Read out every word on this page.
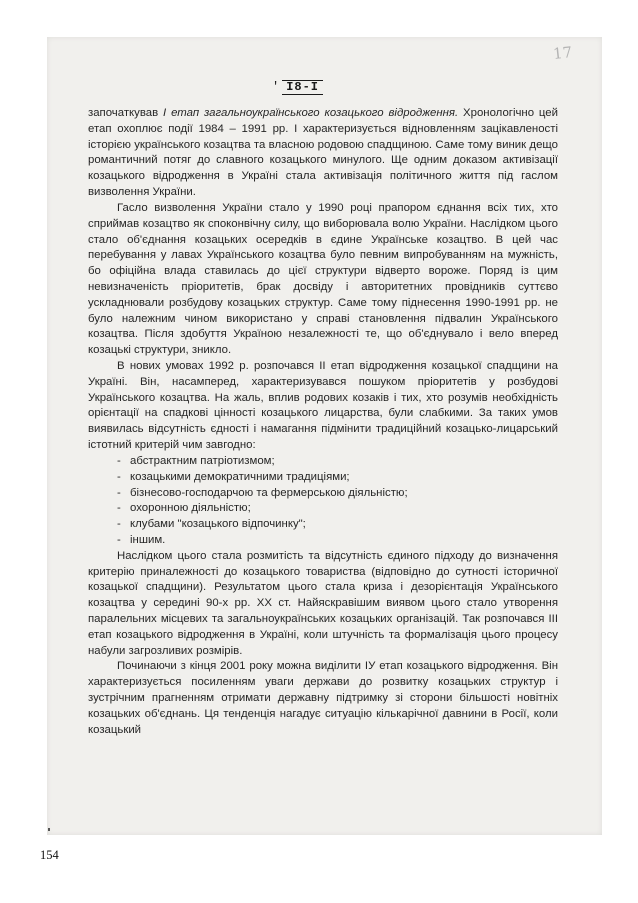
17
' I8-I

започаткував І етап загальноукраїнського козацького відродження. Хронологічно цей етап охоплює події 1984 – 1991 рр. І характеризується відновленням зацікавленості історією українського козацтва та власною родовою спадщиною. Саме тому виник дещо романтичний потяг до славного козацького минулого. Ще одним доказом активізації козацького відродження в Україні стала активізація політичного життя під гаслом визволення України.

Гасло визволення України стало у 1990 році прапором єднання всіх тих, хто сприймав козацтво як споконвічну силу, що виборювала волю України. Наслідком цього стало об'єднання козацьких осередків в єдине Українське козацтво. В цей час перебування у лавах Українського козацтва було певним випробуванням на мужність, бо офіційна влада ставилась до цієї структури відверто вороже. Поряд із цим невизначеність пріоритетів, брак досвіду і авторитетних провідників суттєво ускладнювали розбудову козацьких структур. Саме тому піднесення 1990-1991 рр. не було належним чином використано у справі становлення підвалин Українського козацтва. Після здобуття Україною незалежності те, що об'єднувало і вело вперед козацькі структури, зникло.

В нових умовах 1992 р. розпочався ІІ етап відродження козацької спадщини на Україні. Він, насамперед, характеризувався пошуком пріоритетів у розбудові Українського козацтва. На жаль, вплив родових козаків і тих, хто розумів необхідність орієнтації на спадкові цінності козацького лицарства, були слабкими. За таких умов виявилась відсутність єдності і намагання підмінити традиційний козацько-лицарський істотний критерій чим завгодно:

- абстрактним патріотизмом;
- козацькими демократичними традиціями;
- бізнесово-господарчою та фермерською діяльністю;
- охоронною діяльністю;
- клубами "козацького відпочинку";
- іншим.

Наслідком цього стала розмитість та відсутність єдиного підходу до визначення критерію приналежності до козацького товариства (відповідно до сутності історичної козацької спадщини). Результатом цього стала криза і дезорієнтація Українського козацтва у середині 90-х рр. ХХ ст. Найяскравішим виявом цього стало утворення паралельних місцевих та загальноукраїнських козацьких організацій. Так розпочався ІІІ етап козацького відродження в Україні, коли штучність та формалізація цього процесу набули загрозливих розмірів.

Починаючи з кінця 2001 року можна виділити ІУ етап козацького відродження. Він характеризується посиленням уваги держави до розвитку козацьких структур і зустрічним прагненням отримати державну підтримку зі сторони більшості новітніх козацьких об'єднань. Ця тенденція нагадує ситуацію кількарічної давнини в Росії, коли козацький

154
